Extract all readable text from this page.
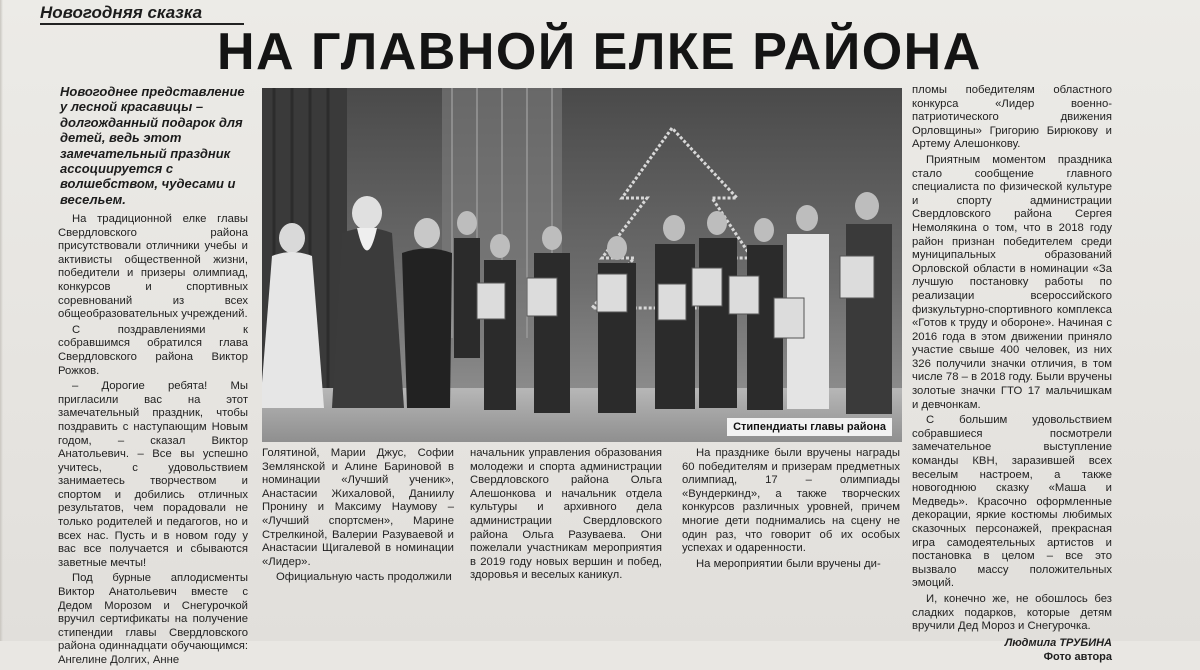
Новогодняя сказка
НА ГЛАВНОЙ ЕЛКЕ РАЙОНА
Новогоднее представление у лесной красавицы – долгожданный подарок для детей, ведь этот замечательный праздник ассоциируется с волшебством, чудесами и весельем.

На традиционной елке главы Свердловского района присутствовали отличники учебы и активисты общественной жизни, победители и призеры олимпиад, конкурсов и спортивных соревнований из всех общеобразовательных учреждений.

С поздравлениями к собравшимся обратился глава Свердловского района Виктор Рожков.

– Дорогие ребята! Мы пригласили вас на этот замечательный праздник, чтобы поздравить с наступающим Новым годом, – сказал Виктор Анатольевич. – Все вы успешно учитесь, с удовольствием занимаетесь творчеством и спортом и добились отличных результатов, чем порадовали не только родителей и педагогов, но и всех нас. Пусть и в новом году у вас все получается и сбываются заветные мечты!

Под бурные аплодисменты Виктор Анатольевич вместе с Дедом Морозом и Снегурочкой вручил сертификаты на получение стипендии главы Свердловского района одиннадцати обучающимся: Ангелине Долгих, Анне

Стипендиаты главы района

Голятиной, Марии Джус, Софии Землянской и Алине Бариновой в номинации «Лучший ученик», Анастасии Жихаловой, Даниилу Пронину и Максиму Наумову – «Лучший спортсмен», Марине Стрелкиной, Валерии Разуваевой и Анастасии Щигалевой в номинации «Лидер».

Официальную часть продолжили

начальник управления образования молодежи и спорта администрации Свердловского района Ольга Алешонкова и начальник отдела культуры и архивного дела администрации Свердловского района Ольга Разуваева. Они пожелали участникам мероприятия в 2019 году новых вершин и побед, здоровья и веселых каникул.

На празднике были вручены награды 60 победителям и призерам предметных олимпиад, 17 – олимпиады «Вундеркинд», а также творческих конкурсов различных уровней, причем многие дети поднимались на сцену не один раз, что говорит об их особых успехах и одаренности.

На мероприятии были вручены ди-

пломы победителям областного конкурса «Лидер военно-патриотического движения Орловщины» Григорию Бирюкову и Артему Алешонкову.

Приятным моментом праздника стало сообщение главного специалиста по физической культуре и спорту администрации Свердловского района Сергея Немолякина о том, что в 2018 году район признан победителем среди муниципальных образований Орловской области в номинации «За лучшую постановку работы по реализации всероссийского физкультурно-спортивного комплекса «Готов к труду и обороне». Начиная с 2016 года в этом движении приняло участие свыше 400 человек, из них 326 получили значки отличия, в том числе 78 – в 2018 году. Были вручены золотые значки ГТО 17 мальчишкам и девчонкам.

С большим удовольствием собравшиеся посмотрели замечательное выступление команды КВН, заразившей всех веселым настроем, а также новогоднюю сказку «Маша и Медведь». Красочно оформленные декорации, яркие костюмы любимых сказочных персонажей, прекрасная игра самодеятельных артистов и постановка в целом – все это вызвало массу положительных эмоций.

И, конечно же, не обошлось без сладких подарков, которые детям вручили Дед Мороз и Снегурочка.

Людмила ТРУБИНА
Фото автора
